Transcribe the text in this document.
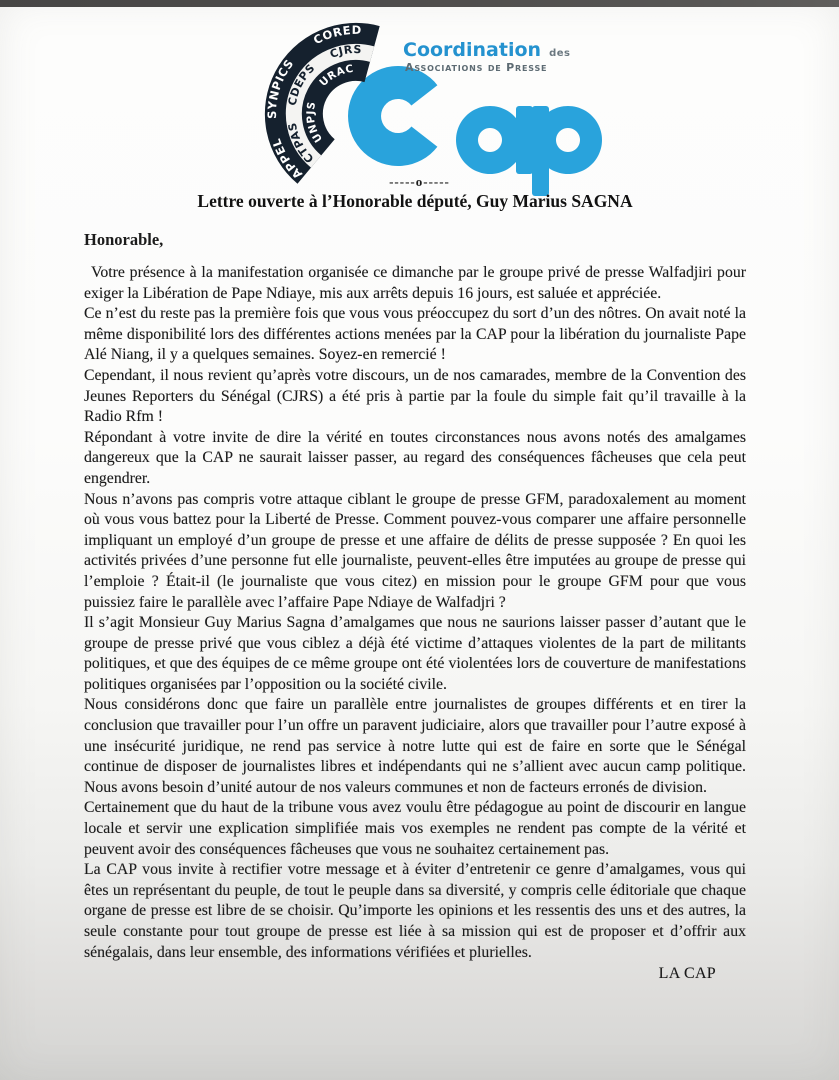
APPEL
SYNPICS
CORED
CTPAS
CDEPS
CJRS
UNPJS
URAC
Coordination des
Associations de Presse
-----o-----
Lettre ouverte à l’Honorable député, Guy Marius SAGNA

Honorable,

Votre présence à la manifestation organisée ce dimanche par le groupe privé de presse Walfadjiri pour exiger la Libération de Pape Ndiaye, mis aux arrêts depuis 16 jours, est saluée et appréciée.

Ce n’est du reste pas la première fois que vous vous préoccupez du sort d’un des nôtres. On avait noté la même disponibilité lors des différentes actions menées par la CAP pour la libération du journaliste Pape Alé Niang, il y a quelques semaines. Soyez-en remercié !

Cependant, il nous revient qu’après votre discours, un de nos camarades, membre de la Convention des Jeunes Reporters du Sénégal (CJRS) a été pris à partie par la foule du simple fait qu’il travaille à la Radio Rfm !

Répondant à votre invite de dire la vérité en toutes circonstances nous avons notés des amalgames dangereux que la CAP ne saurait laisser passer, au regard des conséquences fâcheuses que cela peut engendrer.

Nous n’avons pas compris votre attaque ciblant le groupe de presse GFM, paradoxalement au moment où vous vous battez pour la Liberté de Presse. Comment pouvez-vous comparer une affaire personnelle impliquant un employé d’un groupe de presse et une affaire de délits de presse supposée ? En quoi les activités privées d’une personne fut elle journaliste, peuvent-elles être imputées au groupe de presse qui l’emploie ? Était-il (le journaliste que vous citez) en mission pour le groupe GFM pour que vous puissiez faire le parallèle avec l’affaire Pape Ndiaye de Walfadjri ?

Il s’agit Monsieur Guy Marius Sagna d’amalgames que nous ne saurions laisser passer d’autant que le groupe de presse privé que vous ciblez a déjà été victime d’attaques violentes de la part de militants politiques, et que des équipes de ce même groupe ont été violentées lors de couverture de manifestations politiques organisées par l’opposition ou la société civile.

Nous considérons donc que faire un parallèle entre journalistes de groupes différents et en tirer la conclusion que travailler pour l’un offre un paravent judiciaire, alors que travailler pour l’autre exposé à une insécurité juridique, ne rend pas service à notre lutte qui est de faire en sorte que le Sénégal continue de disposer de journalistes libres et indépendants qui ne s’allient avec aucun camp politique. Nous avons besoin d’unité autour de nos valeurs communes et non de facteurs erronés de division.

Certainement que du haut de la tribune vous avez voulu être pédagogue au point de discourir en langue locale et servir une explication simplifiée mais vos exemples ne rendent pas compte de la vérité et peuvent avoir des conséquences fâcheuses que vous ne souhaitez certainement pas.

La CAP vous invite à rectifier votre message et à éviter d’entretenir ce genre d’amalgames, vous qui êtes un représentant du peuple, de tout le peuple dans sa diversité, y compris celle éditoriale que chaque organe de presse est libre de se choisir. Qu’importe les opinions et les ressentis des uns et des autres, la seule constante pour tout groupe de presse est liée à sa mission qui est de proposer et d’offrir aux sénégalais, dans leur ensemble, des informations vérifiées et plurielles.

LA CAP
